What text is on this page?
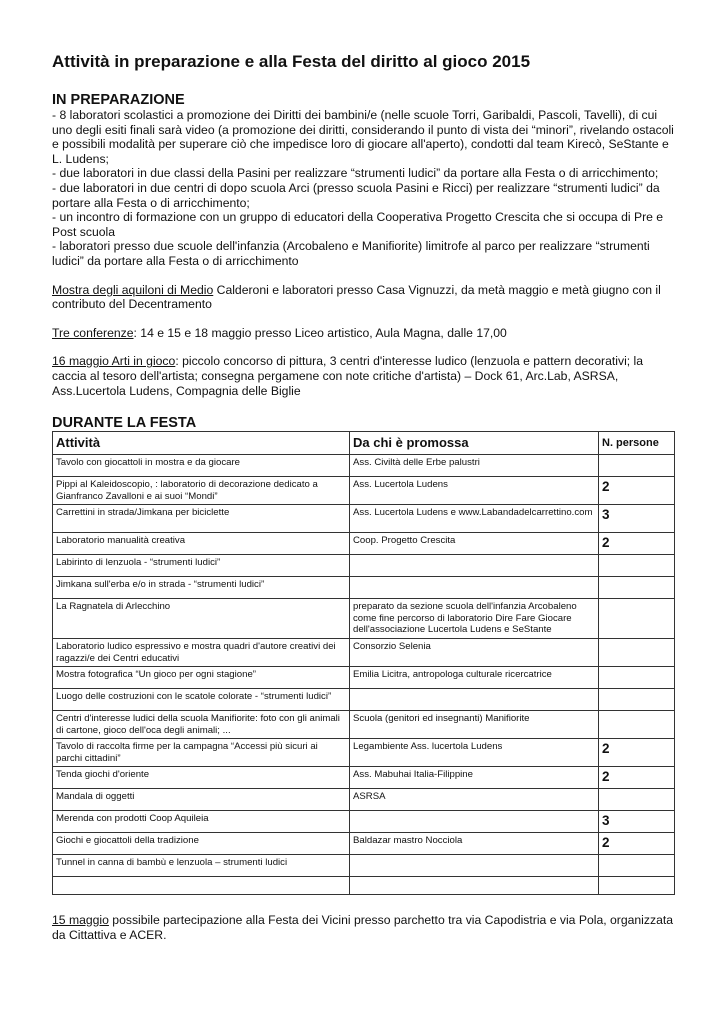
Attività in preparazione e alla Festa del diritto al gioco 2015
IN PREPARAZIONE

- 8 laboratori scolastici a promozione dei Diritti dei bambini/e (nelle scuole Torri, Garibaldi, Pascoli, Tavelli), di cui uno degli esiti finali sarà video (a promozione dei diritti, considerando il punto di vista dei “minori”, rivelando ostacoli e possibili modalità per superare ciò che impedisce loro di giocare all'aperto), condotti dal team Kirecò, SeStante e L. Ludens;

- due laboratori in due classi della Pasini per realizzare “strumenti ludici” da portare alla Festa o di arricchimento;

- due laboratori in due centri di dopo scuola Arci (presso scuola Pasini e Ricci) per realizzare “strumenti ludici” da portare alla Festa o di arricchimento;

- un incontro di formazione con un gruppo di educatori della Cooperativa Progetto Crescita che si occupa di Pre e Post scuola

- laboratori presso due scuole dell'infanzia (Arcobaleno e Manifiorite) limitrofe al parco per realizzare “strumenti ludici” da portare alla Festa o di arricchimento

Mostra degli aquiloni di Medio Calderoni e laboratori presso Casa Vignuzzi, da metà maggio e metà giugno con il contributo del Decentramento

Tre conferenze: 14 e 15 e 18 maggio presso Liceo artistico, Aula Magna, dalle 17,00

16 maggio Arti in gioco: piccolo concorso di pittura, 3 centri d'interesse ludico (lenzuola e pattern decorativi; la caccia al tesoro dell'artista; consegna pergamene con note critiche d'artista) – Dock 61, Arc.Lab, ASRSA, Ass.Lucertola Ludens, Compagnia delle Biglie

DURANTE LA FESTA
Attività	Da chi è promossa	N. persone
Tavolo con giocattoli in mostra e da giocare	Ass. Civiltà delle Erbe palustri	
Pippi al Kaleidoscopio, : laboratorio di decorazione dedicato a Gianfranco Zavalloni e ai suoi “Mondi”	Ass. Lucertola Ludens	2
Carrettini in strada/Jimkana per biciclette	Ass. Lucertola Ludens e www.Labandadelcarrettino.com	3
Laboratorio manualità creativa	Coop. Progetto Crescita	2
Labirinto di lenzuola - “strumenti ludici”		
Jimkana sull'erba e/o in strada - “strumenti ludici”		
La Ragnatela di Arlecchino	preparato da sezione scuola dell'infanzia Arcobaleno come fine percorso di laboratorio Dire Fare Giocare dell'associazione Lucertola Ludens e SeStante	
Laboratorio ludico espressivo e mostra quadri d'autore creativi dei ragazzi/e dei Centri educativi	Consorzio Selenia	
Mostra fotografica “Un gioco per ogni stagione”	Emilia Licitra, antropologa culturale ricercatrice	
Luogo delle costruzioni con le scatole colorate - “strumenti ludici”		
Centri d'interesse ludici della scuola Manifiorite: foto con gli animali di cartone, gioco dell'oca degli animali; ...	Scuola (genitori ed insegnanti) Manifiorite	
Tavolo di raccolta firme per la campagna “Accessi più sicuri ai parchi cittadini”	Legambiente Ass. lucertola Ludens	2
Tenda giochi d'oriente	Ass. Mabuhai Italia-Filippine	2
Mandala di oggetti	ASRSA	
Merenda con prodotti Coop Aquileia		3
Giochi e giocattoli della tradizione	Baldazar mastro Nocciola	2
Tunnel in canna di bambù e lenzuola – strumenti ludici		

15 maggio possibile partecipazione alla Festa dei Vicini presso parchetto tra via Capodistria e via Pola, organizzata da Cittattiva e ACER.
